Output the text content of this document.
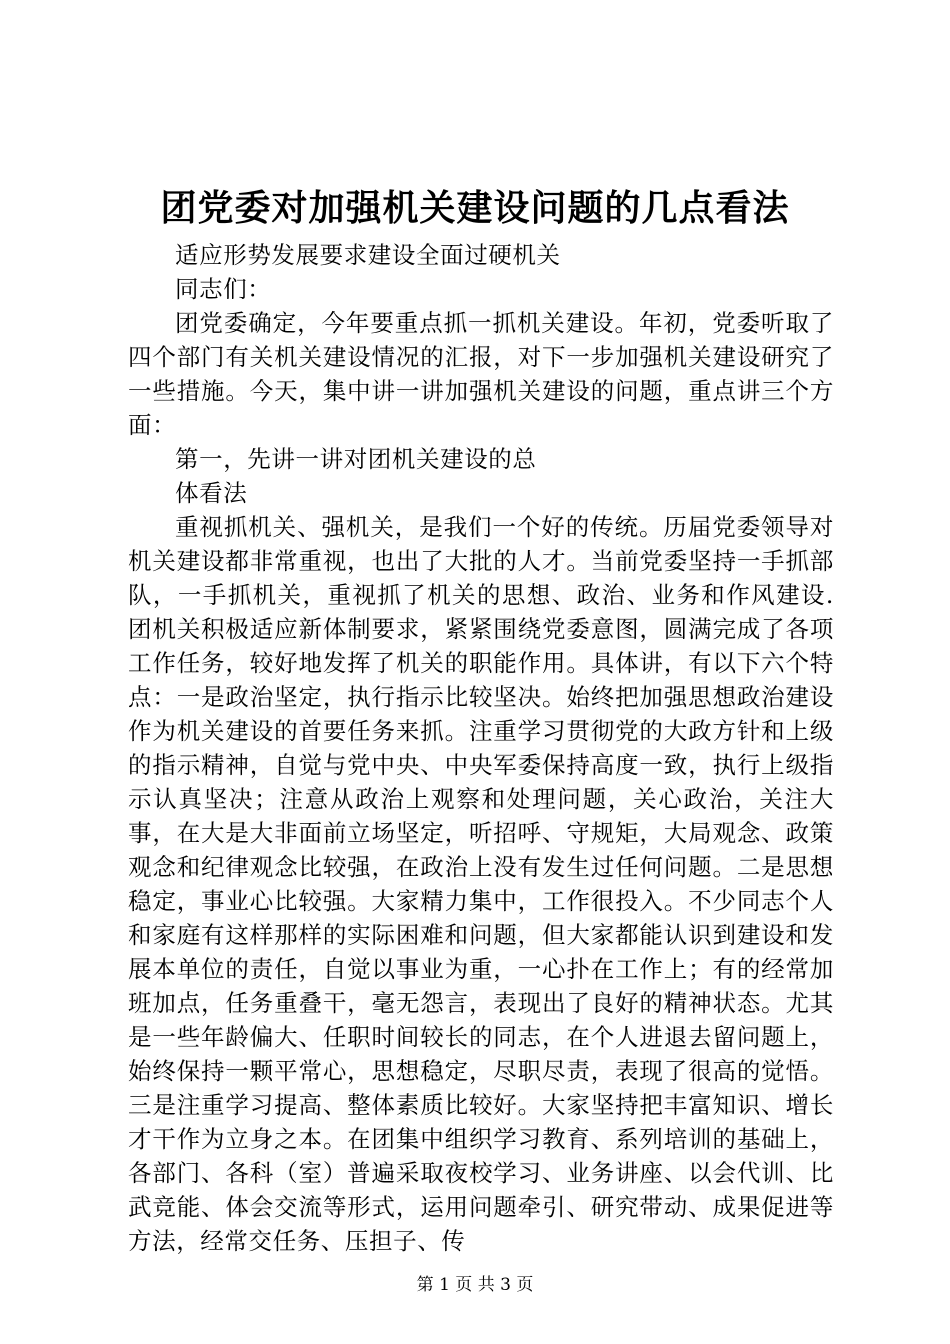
团党委对加强机关建设问题的几点看法

适应形势发展要求建设全面过硬机关

同志们：

团党委确定，今年要重点抓一抓机关建设。年初，党委听取了四个部门有关机关建设情况的汇报，对下一步加强机关建设研究了一些措施。今天，集中讲一讲加强机关建设的问题，重点讲三个方面：

第一，先讲一讲对团机关建设的总

体看法

重视抓机关、强机关，是我们一个好的传统。历届党委领导对机关建设都非常重视，也出了大批的人才。当前党委坚持一手抓部队，一手抓机关，重视抓了机关的思想、政治、业务和作风建设.团机关积极适应新体制要求，紧紧围绕党委意图，圆满完成了各项工作任务，较好地发挥了机关的职能作用。具体讲，有以下六个特点：一是政治坚定，执行指示比较坚决。始终把加强思想政治建设作为机关建设的首要任务来抓。注重学习贯彻党的大政方针和上级的指示精神，自觉与党中央、中央军委保持高度一致，执行上级指示认真坚决；注意从政治上观察和处理问题，关心政治，关注大事，在大是大非面前立场坚定，听招呼、守规矩，大局观念、政策观念和纪律观念比较强，在政治上没有发生过任何问题。二是思想稳定，事业心比较强。大家精力集中，工作很投入。不少同志个人和家庭有这样那样的实际困难和问题，但大家都能认识到建设和发展本单位的责任，自觉以事业为重，一心扑在工作上；有的经常加班加点，任务重叠干，毫无怨言，表现出了良好的精神状态。尤其是一些年龄偏大、任职时间较长的同志，在个人进退去留问题上，始终保持一颗平常心，思想稳定，尽职尽责，表现了很高的觉悟。三是注重学习提高、整体素质比较好。大家坚持把丰富知识、增长才干作为立身之本。在团集中组织学习教育、系列培训的基础上，各部门、各科（室）普遍采取夜校学习、业务讲座、以会代训、比武竞能、体会交流等形式，运用问题牵引、研究带动、成果促进等方法，经常交任务、压担子、传

第 1 页 共 3 页
